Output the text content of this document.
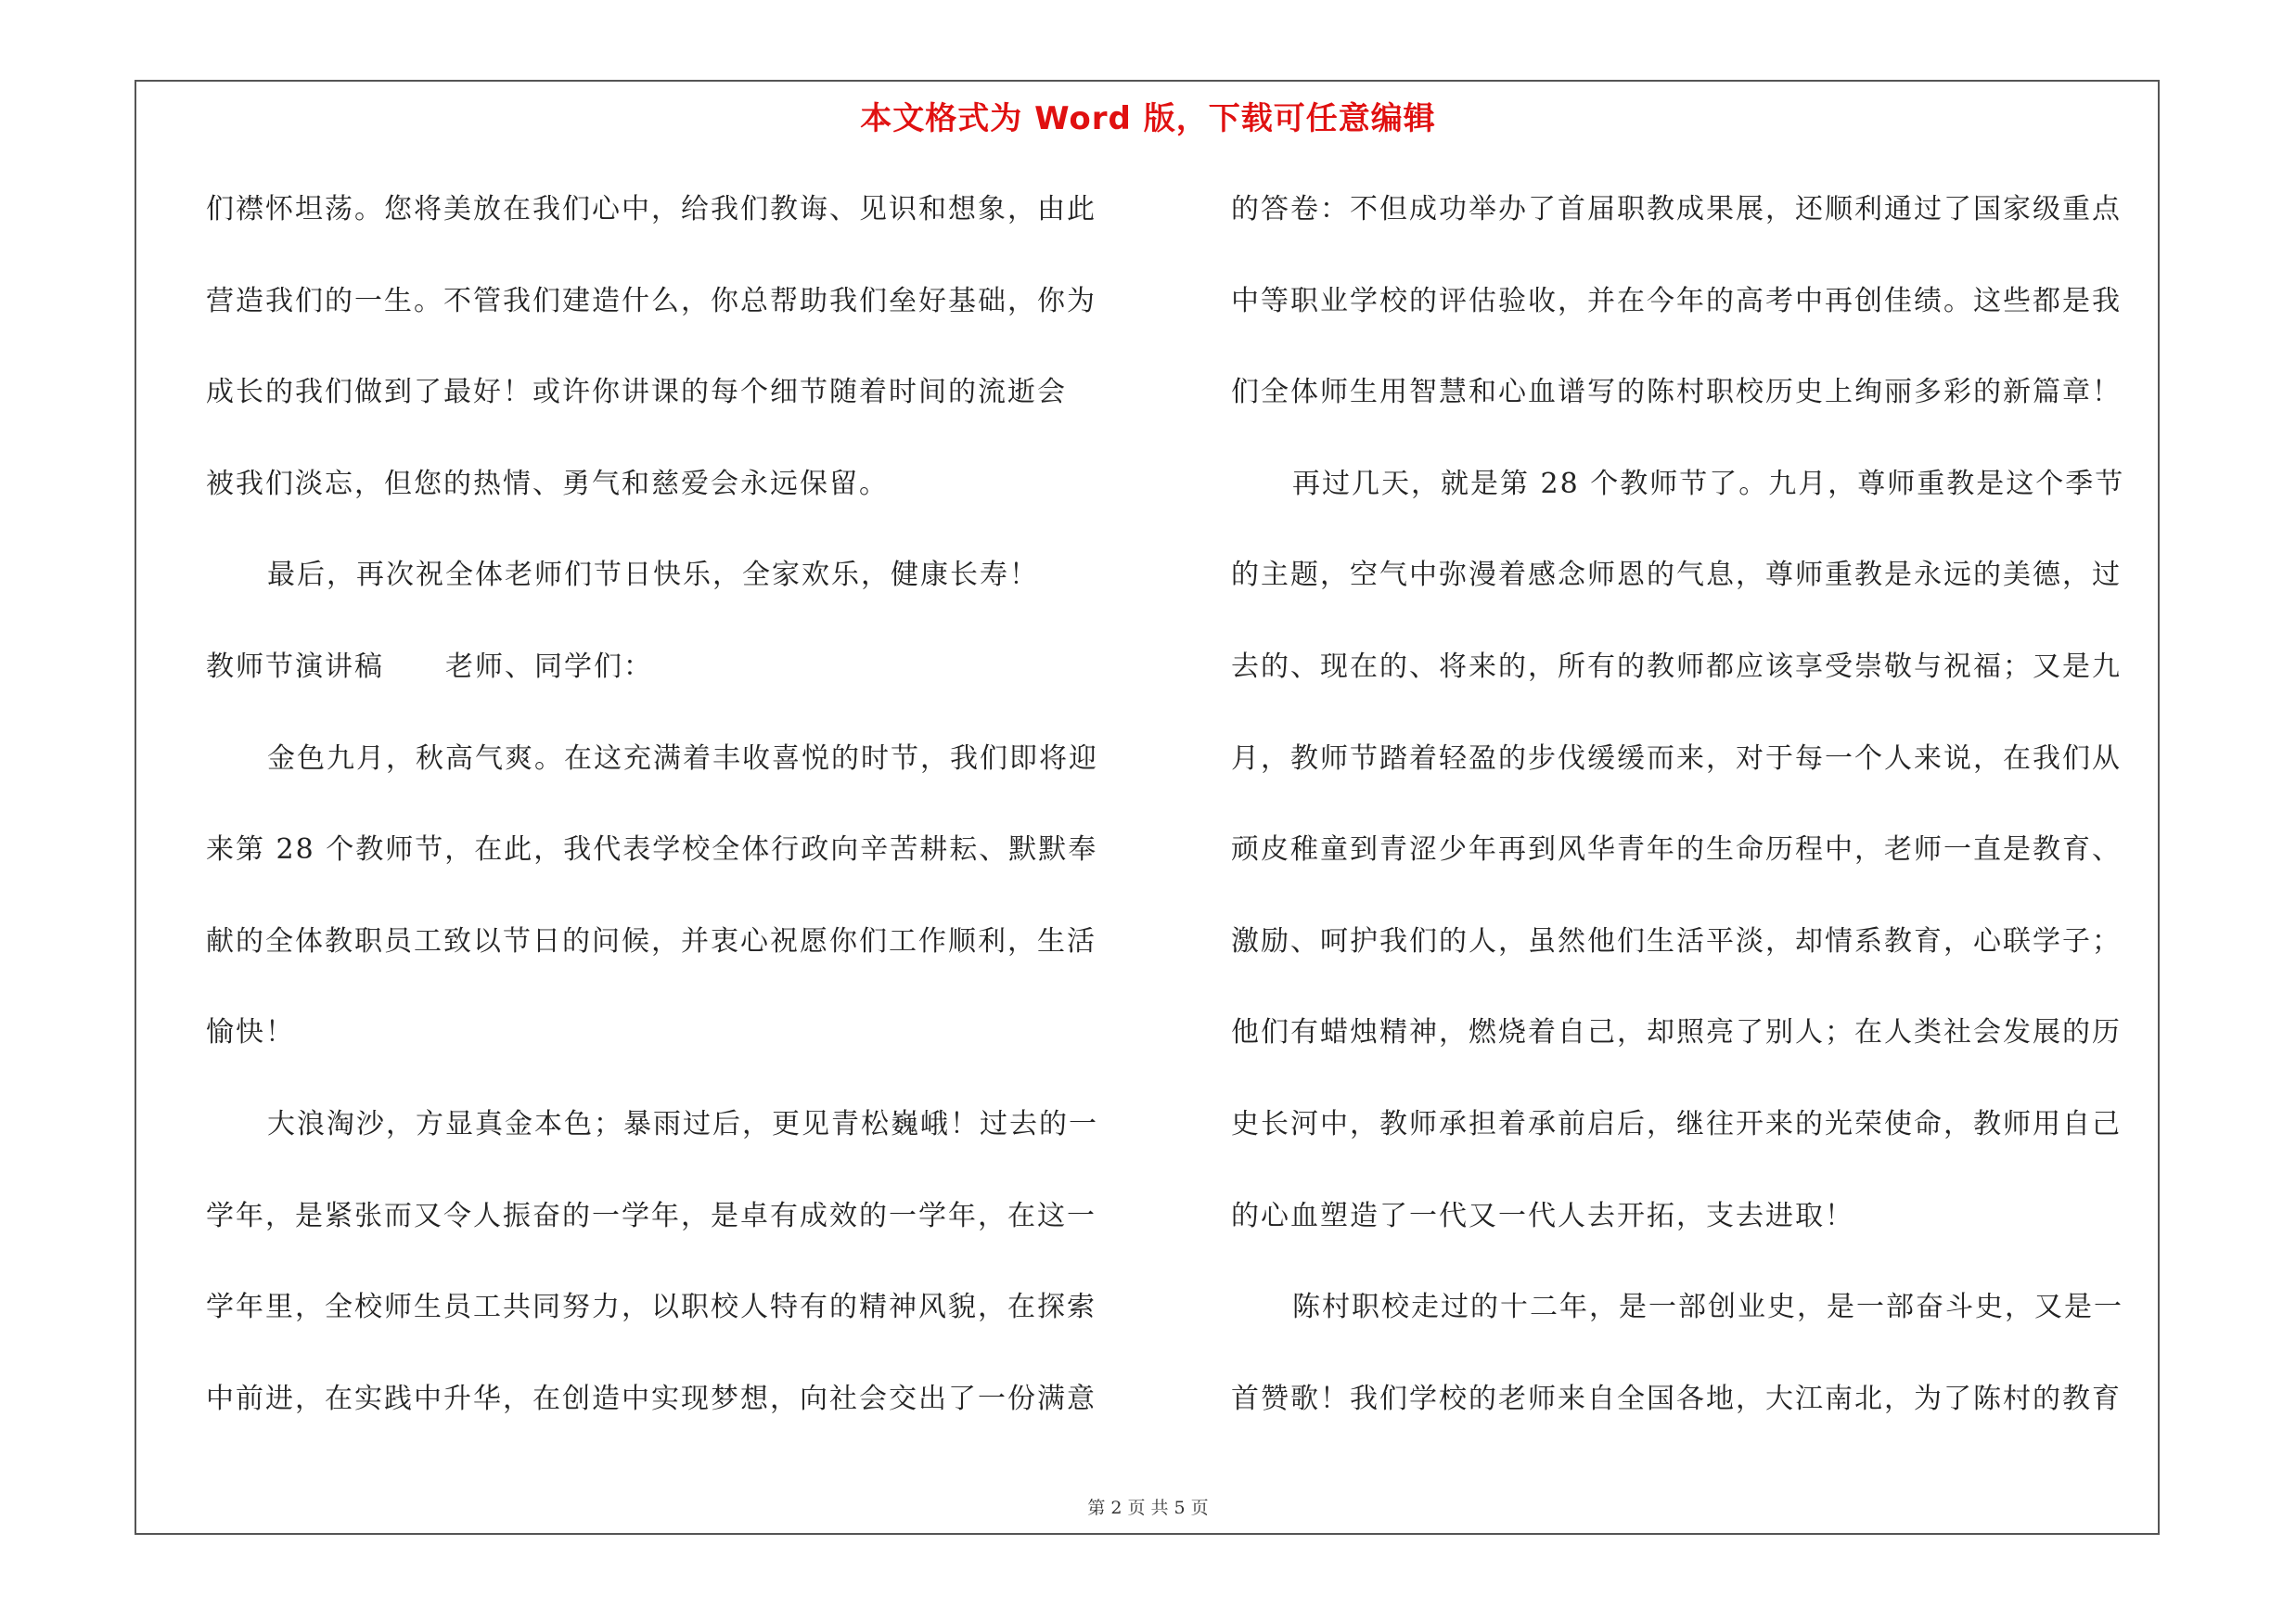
本文格式为 Word 版，下载可任意编辑
们襟怀坦荡。您将美放在我们心中，给我们教诲、见识和想象，由此
营造我们的一生。不管我们建造什么，你总帮助我们垒好基础，你为
成长的我们做到了最好！或许你讲课的每个细节随着时间的流逝会
被我们淡忘，但您的热情、勇气和慈爱会永远保留。
最后，再次祝全体老师们节日快乐，全家欢乐，健康长寿！
教师节演讲稿 老师、同学们：
金色九月，秋高气爽。在这充满着丰收喜悦的时节，我们即将迎
来第 28 个教师节，在此，我代表学校全体行政向辛苦耕耘、默默奉
献的全体教职员工致以节日的问候，并衷心祝愿你们工作顺利，生活
愉快！
大浪淘沙，方显真金本色；暴雨过后，更见青松巍峨！过去的一
学年，是紧张而又令人振奋的一学年，是卓有成效的一学年，在这一
学年里，全校师生员工共同努力，以职校人特有的精神风貌，在探索
中前进，在实践中升华，在创造中实现梦想，向社会交出了一份满意
的答卷：不但成功举办了首届职教成果展，还顺利通过了国家级重点
中等职业学校的评估验收，并在今年的高考中再创佳绩。这些都是我
们全体师生用智慧和心血谱写的陈村职校历史上绚丽多彩的新篇章！
再过几天，就是第 28 个教师节了。九月，尊师重教是这个季节
的主题，空气中弥漫着感念师恩的气息，尊师重教是永远的美德，过
去的、现在的、将来的，所有的教师都应该享受崇敬与祝福；又是九
月，教师节踏着轻盈的步伐缓缓而来，对于每一个人来说，在我们从
顽皮稚童到青涩少年再到风华青年的生命历程中，老师一直是教育、
激励、呵护我们的人，虽然他们生活平淡，却情系教育，心联学子；
他们有蜡烛精神，燃烧着自己，却照亮了别人；在人类社会发展的历
史长河中，教师承担着承前启后，继往开来的光荣使命，教师用自己
的心血塑造了一代又一代人去开拓，支去进取！
陈村职校走过的十二年，是一部创业史，是一部奋斗史，又是一
首赞歌！我们学校的老师来自全国各地，大江南北，为了陈村的教育
第 2 页 共 5 页
